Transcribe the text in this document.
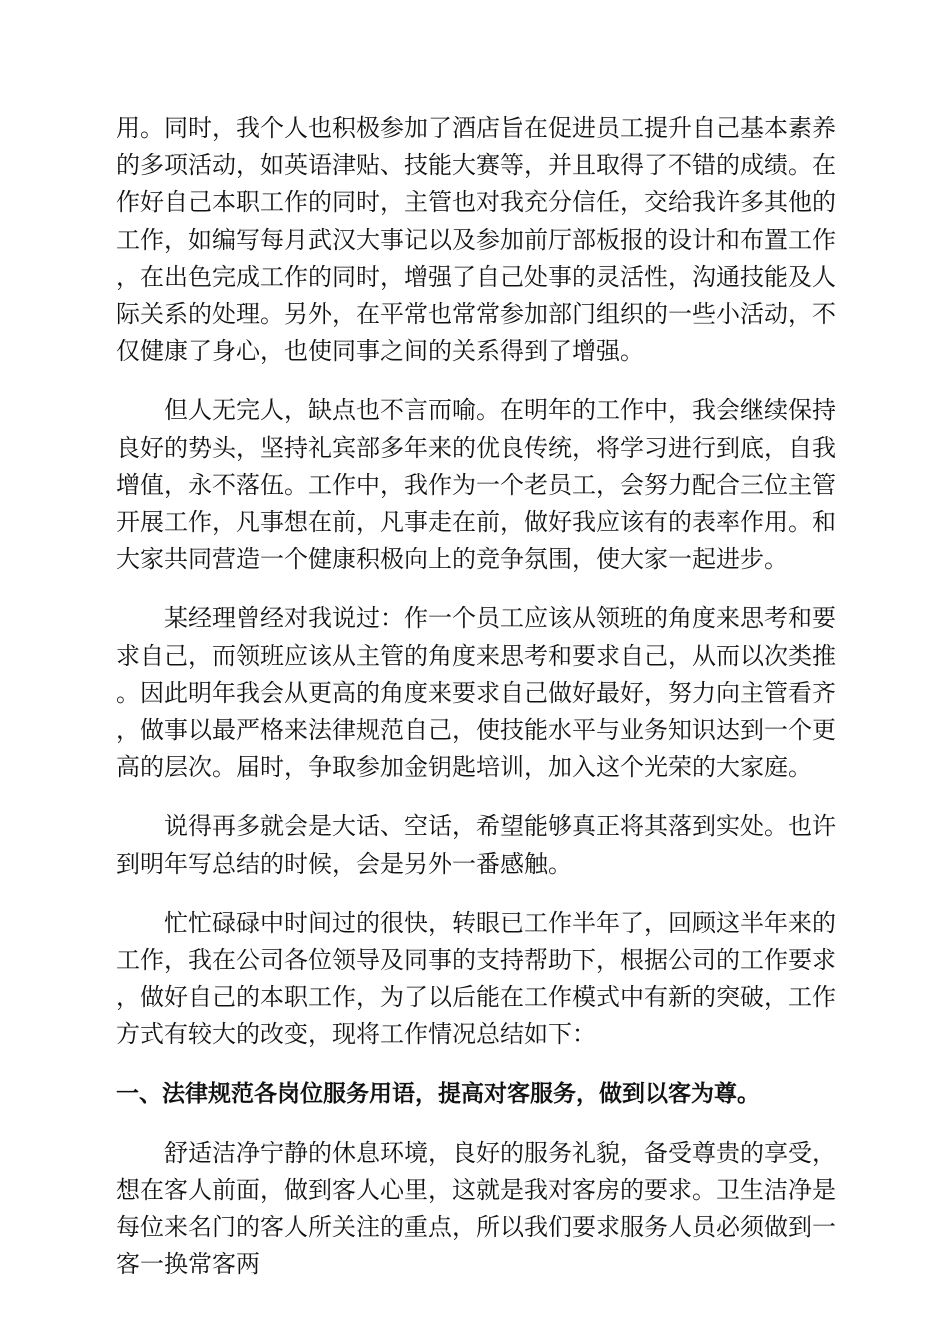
用。同时，我个人也积极参加了酒店旨在促进员工提升自己基本素养的多项活动，如英语津贴、技能大赛等，并且取得了不错的成绩。在作好自己本职工作的同时，主管也对我充分信任，交给我许多其他的工作，如编写每月武汉大事记以及参加前厅部板报的设计和布置工作，在出色完成工作的同时，增强了自己处事的灵活性，沟通技能及人际关系的处理。另外，在平常也常常参加部门组织的一些小活动，不仅健康了身心，也使同事之间的关系得到了增强。

但人无完人，缺点也不言而喻。在明年的工作中，我会继续保持良好的势头，坚持礼宾部多年来的优良传统，将学习进行到底，自我增值，永不落伍。工作中，我作为一个老员工，会努力配合三位主管开展工作，凡事想在前，凡事走在前，做好我应该有的表率作用。和大家共同营造一个健康积极向上的竞争氛围，使大家一起进步。

某经理曾经对我说过：作一个员工应该从领班的角度来思考和要求自己，而领班应该从主管的角度来思考和要求自己，从而以次类推。因此明年我会从更高的角度来要求自己做好最好，努力向主管看齐，做事以最严格来法律规范自己，使技能水平与业务知识达到一个更高的层次。届时，争取参加金钥匙培训，加入这个光荣的大家庭。

说得再多就会是大话、空话，希望能够真正将其落到实处。也许到明年写总结的时候，会是另外一番感触。

忙忙碌碌中时间过的很快，转眼已工作半年了，回顾这半年来的工作，我在公司各位领导及同事的支持帮助下，根据公司的工作要求，做好自己的本职工作，为了以后能在工作模式中有新的突破，工作方式有较大的改变，现将工作情况总结如下：

一、法律规范各岗位服务用语，提高对客服务，做到以客为尊。

舒适洁净宁静的休息环境，良好的服务礼貌，备受尊贵的享受，想在客人前面，做到客人心里，这就是我对客房的要求。卫生洁净是每位来名门的客人所关注的重点，所以我们要求服务人员必须做到一客一换常客两
